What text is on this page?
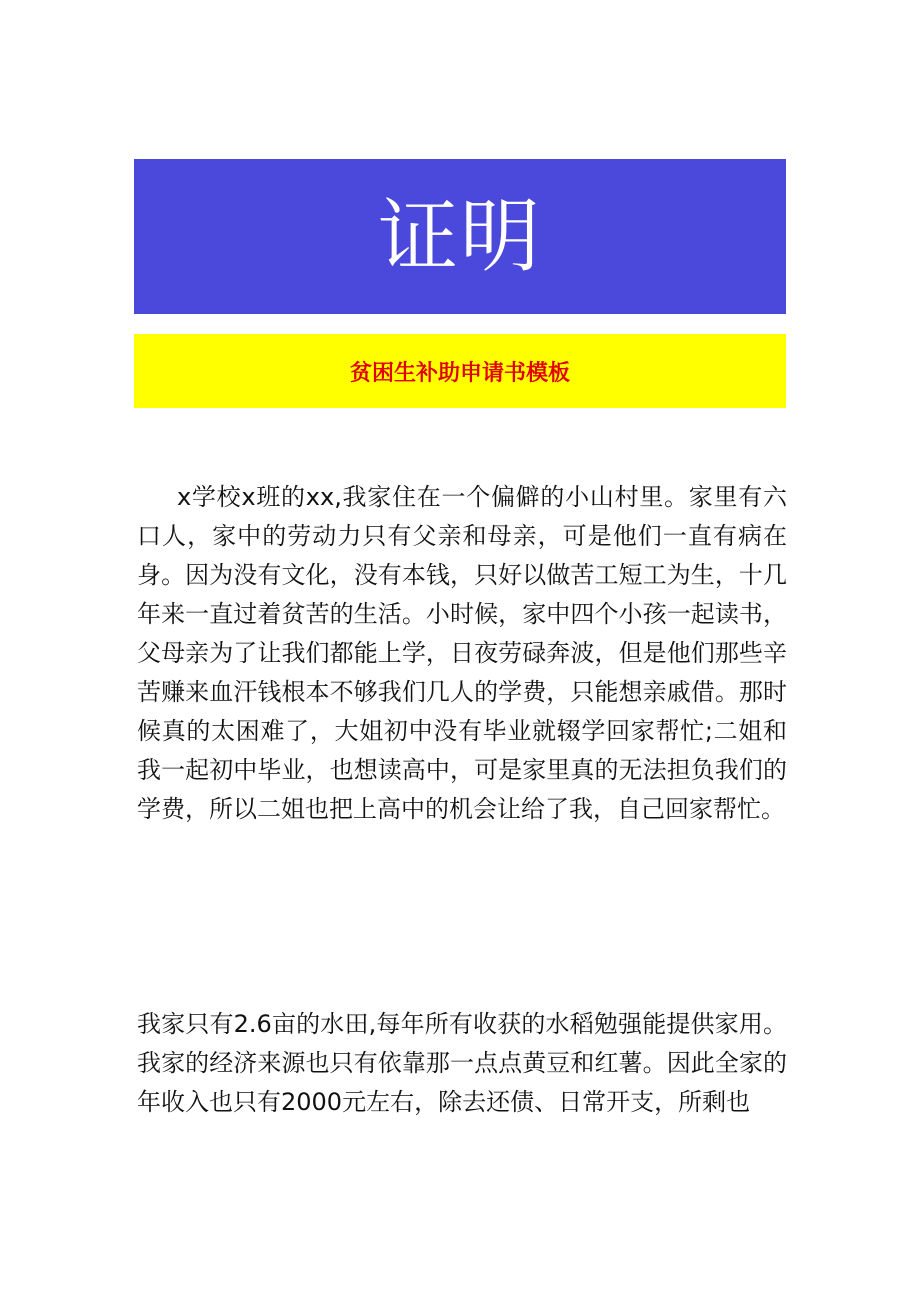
证明
贫困生补助申请书模板

x学校x班的xx,我家住在一个偏僻的小山村里。家里有六口人，家中的劳动力只有父亲和母亲，可是他们一直有病在身。因为没有文化，没有本钱，只好以做苦工短工为生，十几年来一直过着贫苦的生活。小时候，家中四个小孩一起读书，父母亲为了让我们都能上学，日夜劳碌奔波，但是他们那些辛苦赚来血汗钱根本不够我们几人的学费，只能想亲戚借。那时候真的太困难了，大姐初中没有毕业就辍学回家帮忙;二姐和我一起初中毕业，也想读高中，可是家里真的无法担负我们的学费，所以二姐也把上高中的机会让给了我，自己回家帮忙。

我家只有2.6亩的水田,每年所有收获的水稻勉强能提供家用。我家的经济来源也只有依靠那一点点黄豆和红薯。因此全家的年收入也只有2000元左右，除去还债、日常开支，所剩也
